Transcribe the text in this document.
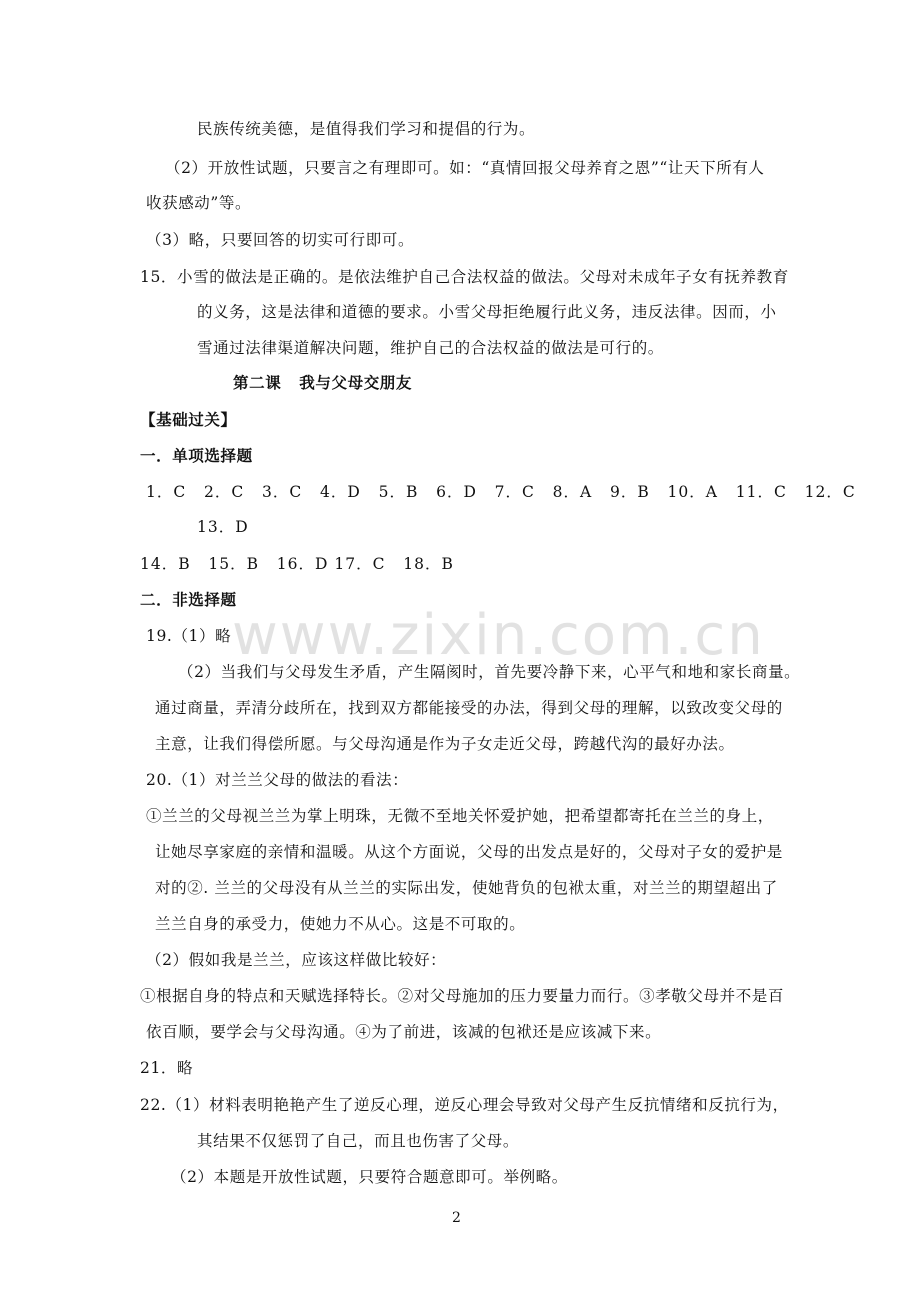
民族传统美德，是值得我们学习和提倡的行为。
（2）开放性试题，只要言之有理即可。如：“真情回报父母养育之恩”“让天下所有人
收获感动”等。
（3）略，只要回答的切实可行即可。
15．小雪的做法是正确的。是依法维护自己合法权益的做法。父母对未成年子女有抚养教育
的义务，这是法律和道德的要求。小雪父母拒绝履行此义务，违反法律。因而，小
雪通过法律渠道解决问题，维护自己的合法权益的做法是可行的。
第二课   我与父母交朋友
【基础过关】
一．单项选择题
1．C   2．C   3．C   4．D   5．B   6．D   7．C   8．A   9．B   10．A   11．C   12．C
13．D
14．B   15．B   16．D 17．C   18．B
二．非选择题
19.（1）略
（2）当我们与父母发生矛盾，产生隔阂时，首先要冷静下来，心平气和地和家长商量。
通过商量，弄清分歧所在，找到双方都能接受的办法，得到父母的理解，以致改变父母的
主意，让我们得偿所愿。与父母沟通是作为子女走近父母，跨越代沟的最好办法。
20.（1）对兰兰父母的做法的看法：
①兰兰的父母视兰兰为掌上明珠，无微不至地关怀爱护她，把希望都寄托在兰兰的身上，
让她尽享家庭的亲情和温暖。从这个方面说，父母的出发点是好的，父母对子女的爱护是
对的②. 兰兰的父母没有从兰兰的实际出发，使她背负的包袱太重，对兰兰的期望超出了
兰兰自身的承受力，使她力不从心。这是不可取的。
（2）假如我是兰兰，应该这样做比较好：
①根据自身的特点和天赋选择特长。②对父母施加的压力要量力而行。③孝敬父母并不是百
依百顺，要学会与父母沟通。④为了前进，该减的包袱还是应该减下来。
21．略
22.（1）材料表明艳艳产生了逆反心理，逆反心理会导致对父母产生反抗情绪和反抗行为，
其结果不仅惩罚了自己，而且也伤害了父母。
（2）本题是开放性试题，只要符合题意即可。举例略。
www.zixin.com.cn
2
